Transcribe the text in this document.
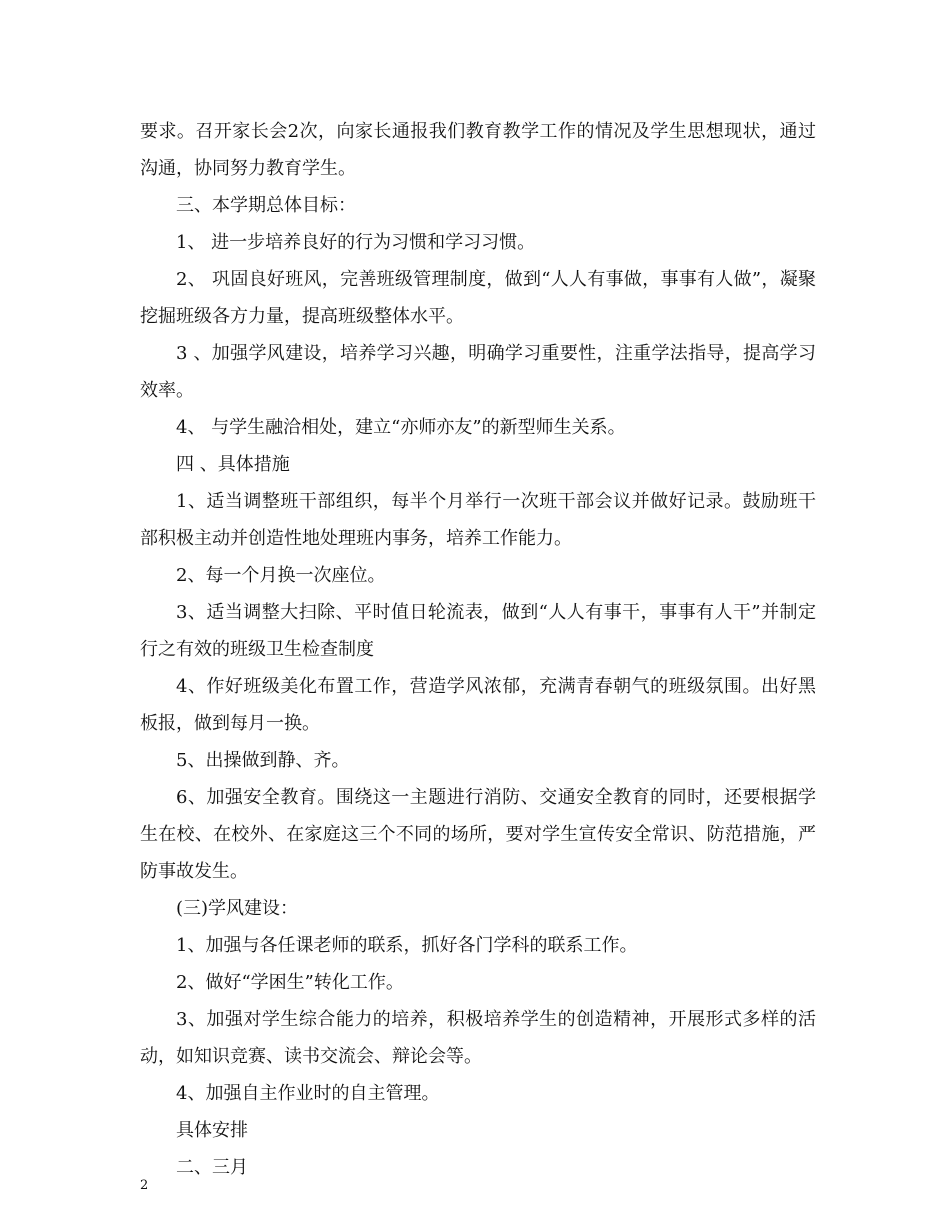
要求。召开家长会2次，向家长通报我们教育教学工作的情况及学生思想现状，通过沟通，协同努力教育学生。

三、本学期总体目标：

1、 进一步培养良好的行为习惯和学习习惯。

2、 巩固良好班风，完善班级管理制度，做到“人人有事做，事事有人做”，凝聚挖掘班级各方力量，提高班级整体水平。

3 、加强学风建设，培养学习兴趣，明确学习重要性，注重学法指导，提高学习效率。

4、 与学生融洽相处，建立“亦师亦友”的新型师生关系。

四 、具体措施

1、适当调整班干部组织，每半个月举行一次班干部会议并做好记录。鼓励班干部积极主动并创造性地处理班内事务，培养工作能力。

2、每一个月换一次座位。

3、适当调整大扫除、平时值日轮流表，做到“人人有事干，事事有人干”并制定行之有效的班级卫生检查制度

4、作好班级美化布置工作，营造学风浓郁，充满青春朝气的班级氛围。出好黑板报，做到每月一换。

5、出操做到静、齐。

6、加强安全教育。围绕这一主题进行消防、交通安全教育的同时，还要根据学生在校、在校外、在家庭这三个不同的场所，要对学生宣传安全常识、防范措施，严防事故发生。

(三)学风建设：

1、加强与各任课老师的联系，抓好各门学科的联系工作。

2、做好“学困生”转化工作。

3、加强对学生综合能力的培养，积极培养学生的创造精神，开展形式多样的活动，如知识竞赛、读书交流会、辩论会等。

4、加强自主作业时的自主管理。

具体安排

二、三月

2
